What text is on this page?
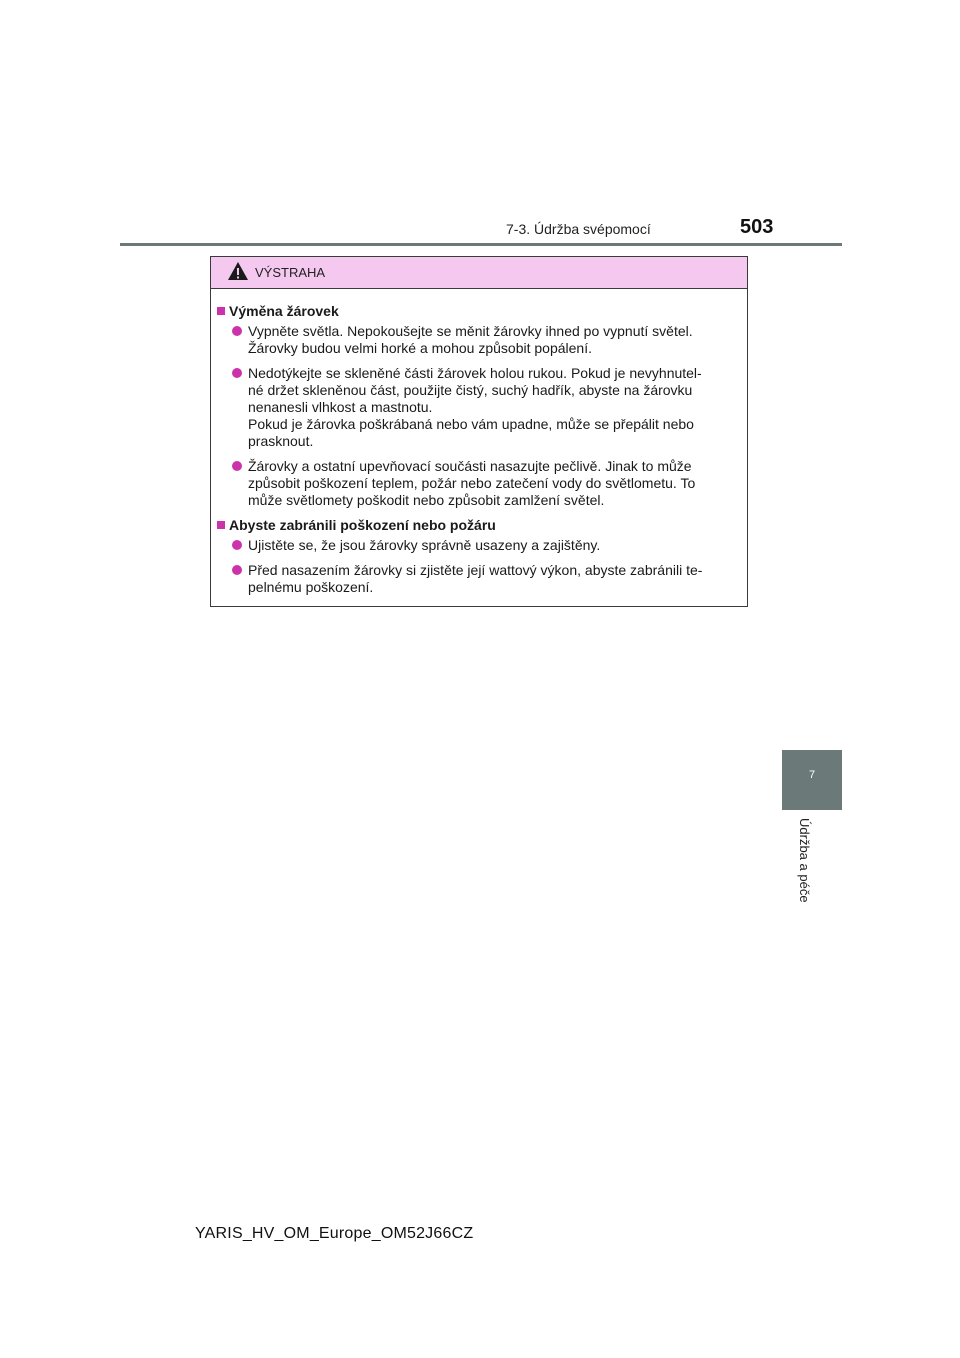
7-3. Údržba svépomocí	503
7
Údržba a péče
VÝSTRAHA
Výměna žárovek
Vypněte světla. Nepokoušejte se měnit žárovky ihned po vypnutí světel.
Žárovky budou velmi horké a mohou způsobit popálení.
Nedotýkejte se skleněné části žárovek holou rukou. Pokud je nevyhnutel-
né držet skleněnou část, použijte čistý, suchý hadřík, abyste na žárovku
nenanesli vlhkost a mastnotu.
Pokud je žárovka poškrábaná nebo vám upadne, může se přepálit nebo
prasknout.
Žárovky a ostatní upevňovací součásti nasazujte pečlivě. Jinak to může
způsobit poškození teplem, požár nebo zatečení vody do světlometu. To
může světlomety poškodit nebo způsobit zamlžení světel.
Abyste zabránili poškození nebo požáru
Ujistěte se, že jsou žárovky správně usazeny a zajištěny.
Před nasazením žárovky si zjistěte její wattový výkon, abyste zabránili te-
pelnému poškození.
YARIS_HV_OM_Europe_OM52J66CZ
